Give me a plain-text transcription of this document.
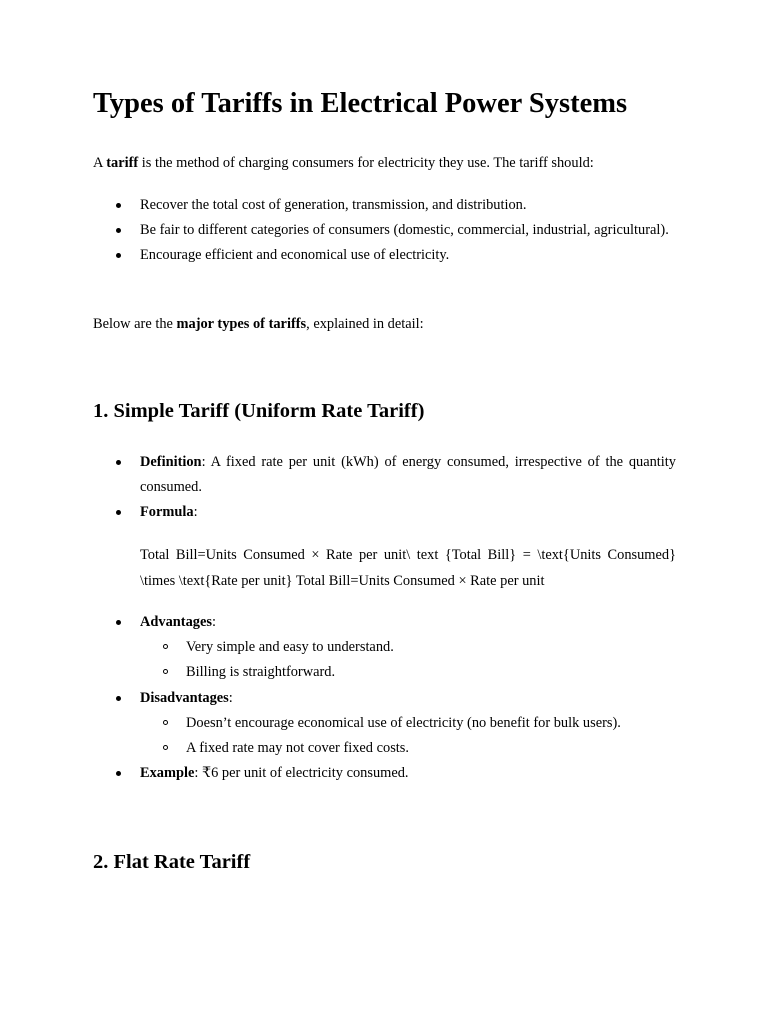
Types of Tariffs in Electrical Power Systems

A tariff is the method of charging consumers for electricity they use. The tariff should:

Recover the total cost of generation, transmission, and distribution.
Be fair to different categories of consumers (domestic, commercial, industrial, agricultural).
Encourage efficient and economical use of electricity.

Below are the major types of tariffs, explained in detail:

1. Simple Tariff (Uniform Rate Tariff)
Definition: A fixed rate per unit (kWh) of energy consumed, irrespective of the quantity consumed.
Formula:

Total Bill=Units Consumed × Rate per unit\ text {Total Bill} = \text{Units Consumed} \times \text{Rate per unit} Total Bill=Units Consumed × Rate per unit

Advantages:
Very simple and easy to understand.
Billing is straightforward.
Disadvantages:
Doesn’t encourage economical use of electricity (no benefit for bulk users).
A fixed rate may not cover fixed costs.
Example: ₹6 per unit of electricity consumed.
2. Flat Rate Tariff
